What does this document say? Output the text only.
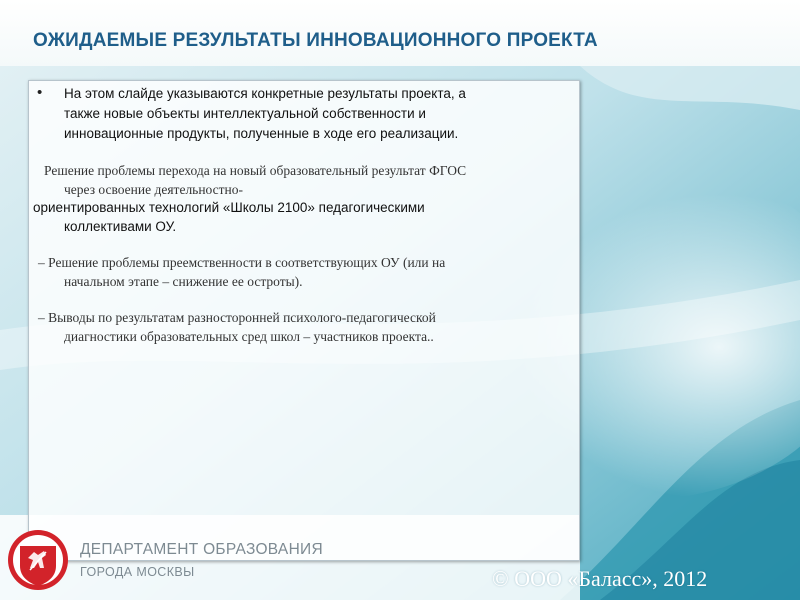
ОЖИДАЕМЫЕ РЕЗУЛЬТАТЫ ИННОВАЦИОННОГО ПРОЕКТА
• На этом слайде указываются конкретные результаты проекта, а
также новые объекты интеллектуальной собственности и
инновационные продукты, полученные в ходе его реализации.
Решение проблемы перехода на новый образовательный результат ФГОС
через освоение деятельностно-
ориентированных технологий «Школы 2100» педагогическими
коллективами ОУ.
– Решение проблемы преемственности в соответствующих ОУ (или на
начальном этапе – снижение ее остроты).
– Выводы по результатам разносторонней психолого-педагогической
диагностики образовательных сред школ – участников проекта..
ДЕПАРТАМЕНТ ОБРАЗОВАНИЯ
ГОРОДА МОСКВЫ	© ООО «Баласс», 2012
